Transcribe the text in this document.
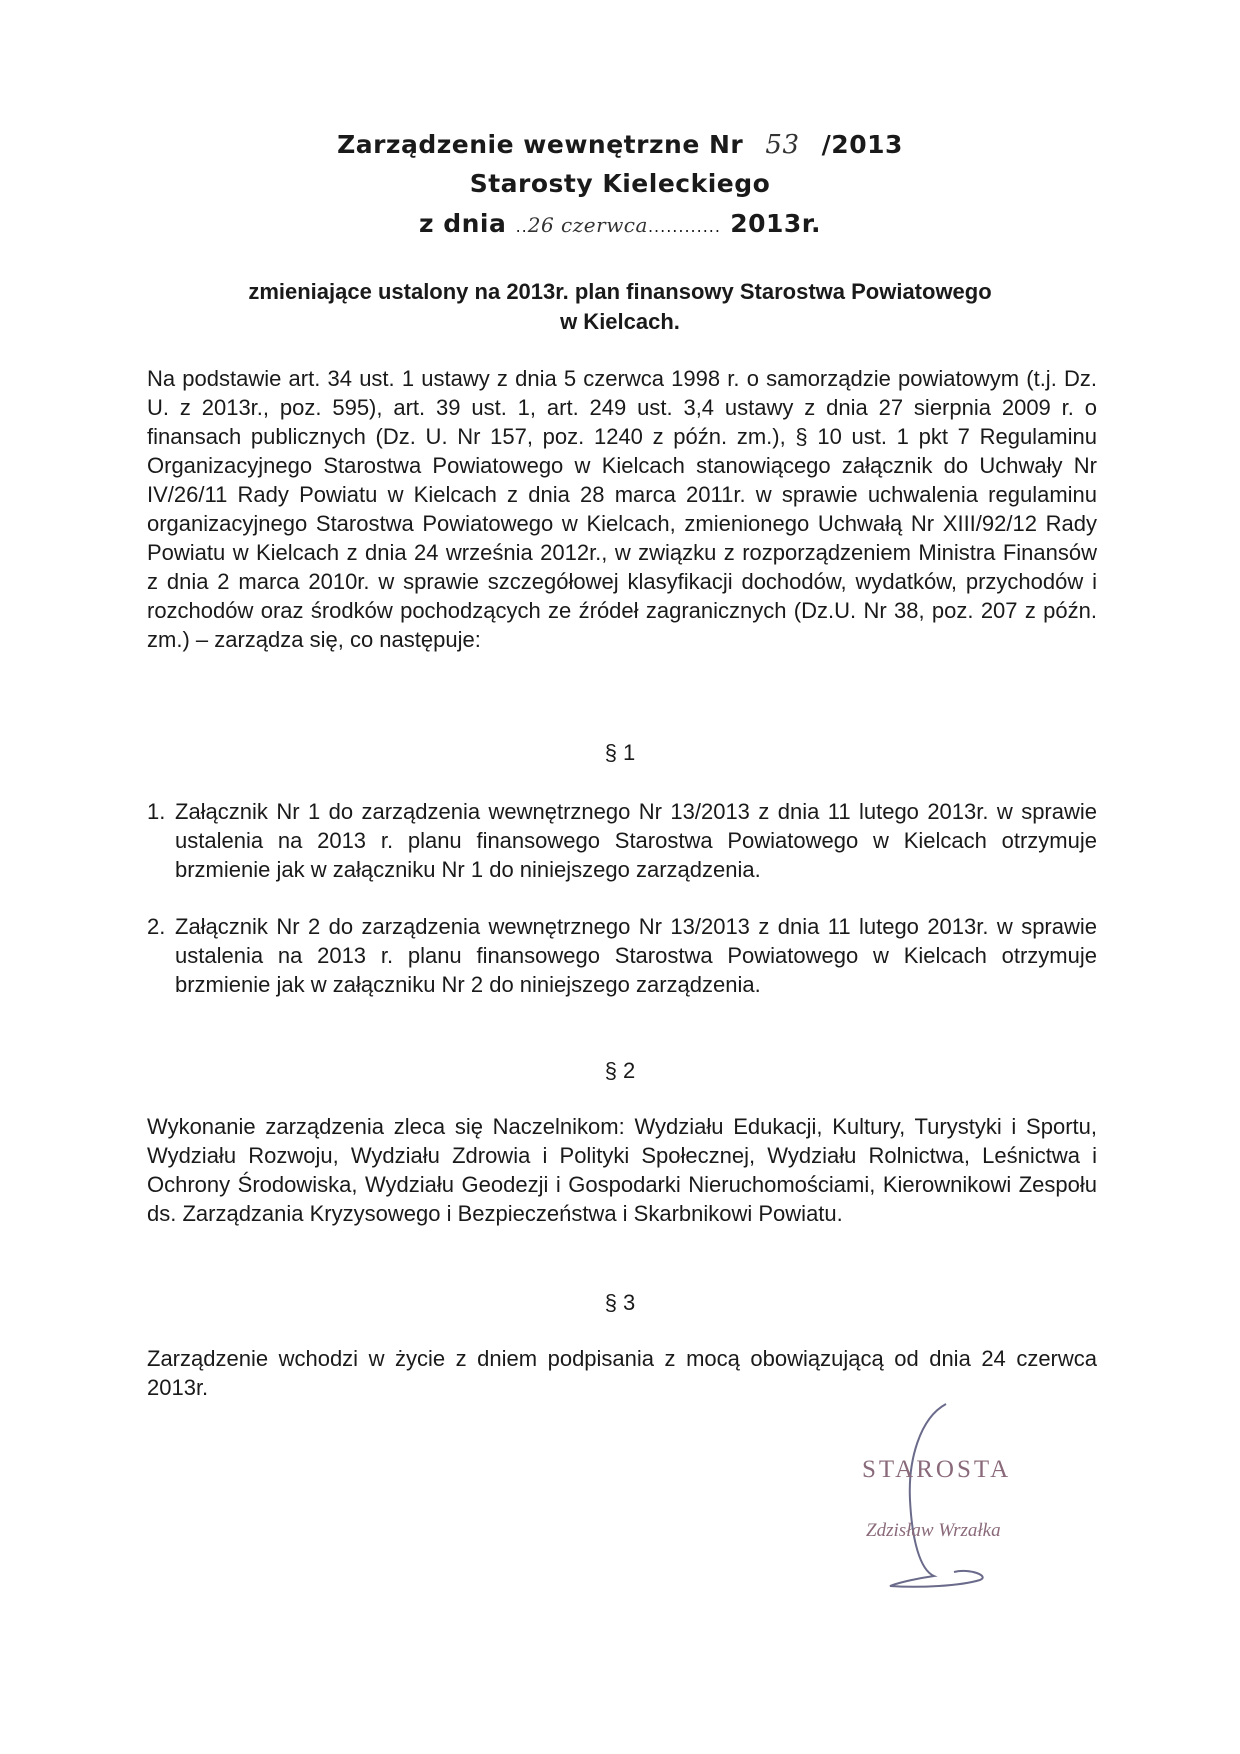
Zarządzenie wewnętrzne Nr 53 /2013
Starosty Kieleckiego
z dnia ..26 czerwca............ 2013r.
zmieniające ustalony na 2013r. plan finansowy Starostwa Powiatowego
w Kielcach.
Na podstawie art. 34 ust. 1 ustawy z dnia 5 czerwca 1998 r. o samorządzie powiatowym (t.j. Dz. U. z 2013r., poz. 595), art. 39 ust. 1, art. 249 ust. 3,4 ustawy z dnia 27 sierpnia 2009 r. o finansach publicznych (Dz. U. Nr 157, poz. 1240 z późn. zm.), § 10 ust. 1 pkt 7 Regulaminu Organizacyjnego Starostwa Powiatowego w Kielcach stanowiącego załącznik do Uchwały Nr IV/26/11 Rady Powiatu w Kielcach z dnia 28 marca 2011r. w sprawie uchwalenia regulaminu organizacyjnego Starostwa Powiatowego w Kielcach, zmienionego Uchwałą Nr XIII/92/12 Rady Powiatu w Kielcach z dnia 24 września 2012r., w związku z rozporządzeniem Ministra Finansów z dnia 2 marca 2010r. w sprawie szczegółowej klasyfikacji dochodów, wydatków, przychodów i rozchodów oraz środków pochodzących ze źródeł zagranicznych (Dz.U. Nr 38, poz. 207 z późn. zm.) – zarządza się, co następuje:
§ 1
1. Załącznik Nr 1 do zarządzenia wewnętrznego Nr 13/2013 z dnia 11 lutego 2013r. w sprawie ustalenia na 2013 r. planu finansowego Starostwa Powiatowego w Kielcach otrzymuje brzmienie jak w załączniku Nr 1 do niniejszego zarządzenia.
2. Załącznik Nr 2 do zarządzenia wewnętrznego Nr 13/2013 z dnia 11 lutego 2013r. w sprawie ustalenia na 2013 r. planu finansowego Starostwa Powiatowego w Kielcach otrzymuje brzmienie jak w załączniku Nr 2 do niniejszego zarządzenia.
§ 2
Wykonanie zarządzenia zleca się Naczelnikom: Wydziału Edukacji, Kultury, Turystyki i Sportu, Wydziału Rozwoju, Wydziału Zdrowia i Polityki Społecznej, Wydziału Rolnictwa, Leśnictwa i Ochrony Środowiska, Wydziału Geodezji i Gospodarki Nieruchomościami, Kierownikowi Zespołu ds. Zarządzania Kryzysowego i Bezpieczeństwa i Skarbnikowi Powiatu.
§ 3
Zarządzenie wchodzi w życie z dniem podpisania z mocą obowiązującą od dnia 24 czerwca 2013r.
STAROSTA
Zdzisław Wrzałka
